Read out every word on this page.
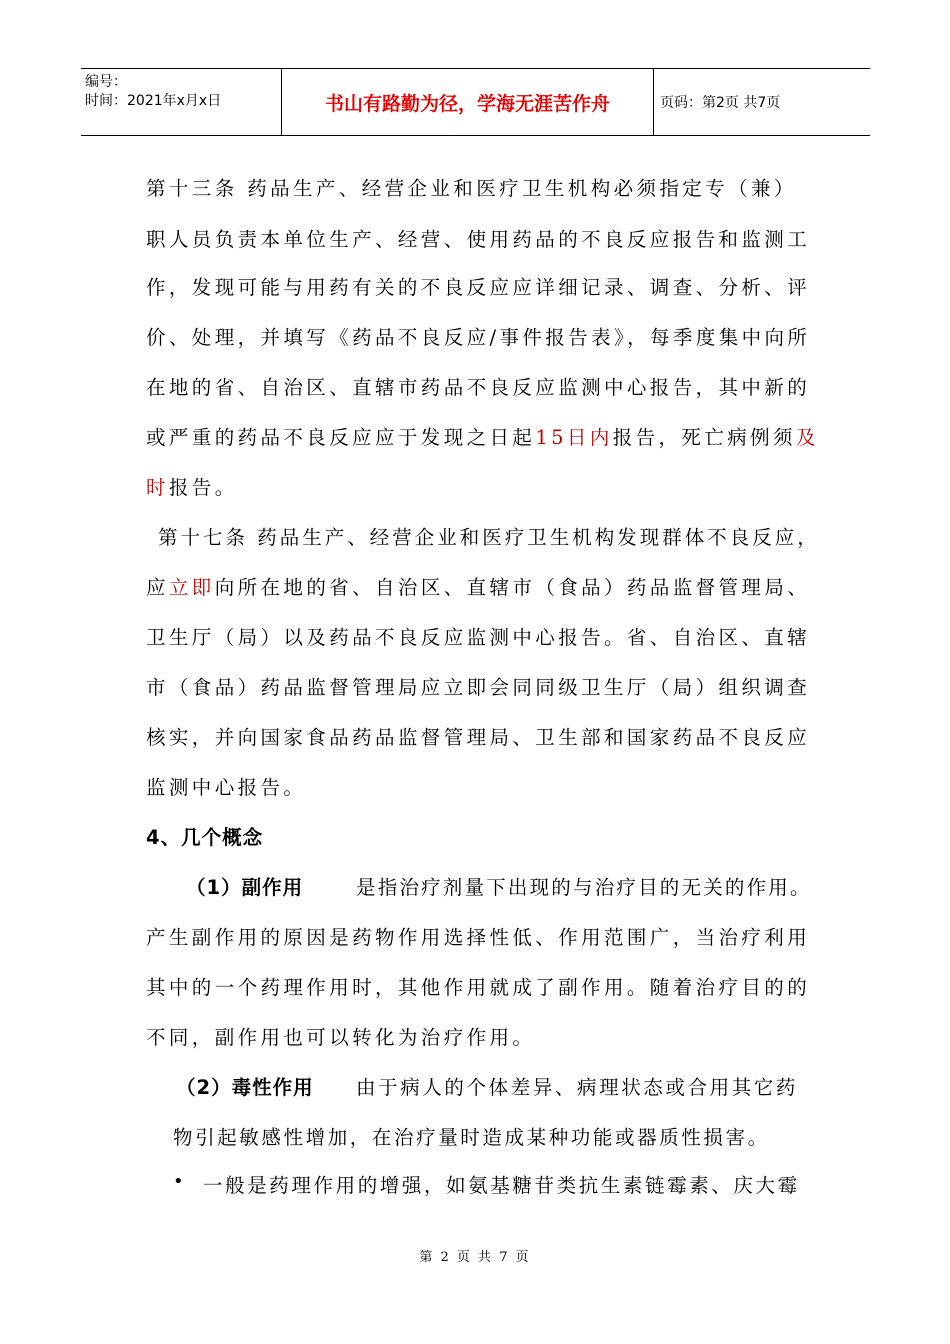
编号：
时间：2021年x月x日	书山有路勤为径，学海无涯苦作舟	页码：第2页 共7页
第十三条 药品生产、经营企业和医疗卫生机构必须指定专（兼）
职人员负责本单位生产、经营、使用药品的不良反应报告和监测工
作，发现可能与用药有关的不良反应应详细记录、调查、分析、评
价、处理，并填写《药品不良反应/事件报告表》，每季度集中向所
在地的省、自治区、直辖市药品不良反应监测中心报告，其中新的
或严重的药品不良反应应于发现之日起15日内报告，死亡病例须及
时报告。
第十七条 药品生产、经营企业和医疗卫生机构发现群体不良反应，
应立即向所在地的省、自治区、直辖市（食品）药品监督管理局、
卫生厅（局）以及药品不良反应监测中心报告。省、自治区、直辖
市（食品）药品监督管理局应立即会同同级卫生厅（局）组织调查
核实，并向国家食品药品监督管理局、卫生部和国家药品不良反应
监测中心报告。
4、几个概念
（1）副作用	是指治疗剂量下出现的与治疗目的无关的作用。
产生副作用的原因是药物作用选择性低、作用范围广，当治疗利用
其中的一个药理作用时，其他作用就成了副作用。随着治疗目的的
不同，副作用也可以转化为治疗作用。
（2）毒性作用 由于病人的个体差异、病理状态或合用其它药
物引起敏感性增加，在治疗量时造成某种功能或器质性损害。
• 一般是药理作用的增强，如氨基糖苷类抗生素链霉素、庆大霉
第 2 页 共 7 页
